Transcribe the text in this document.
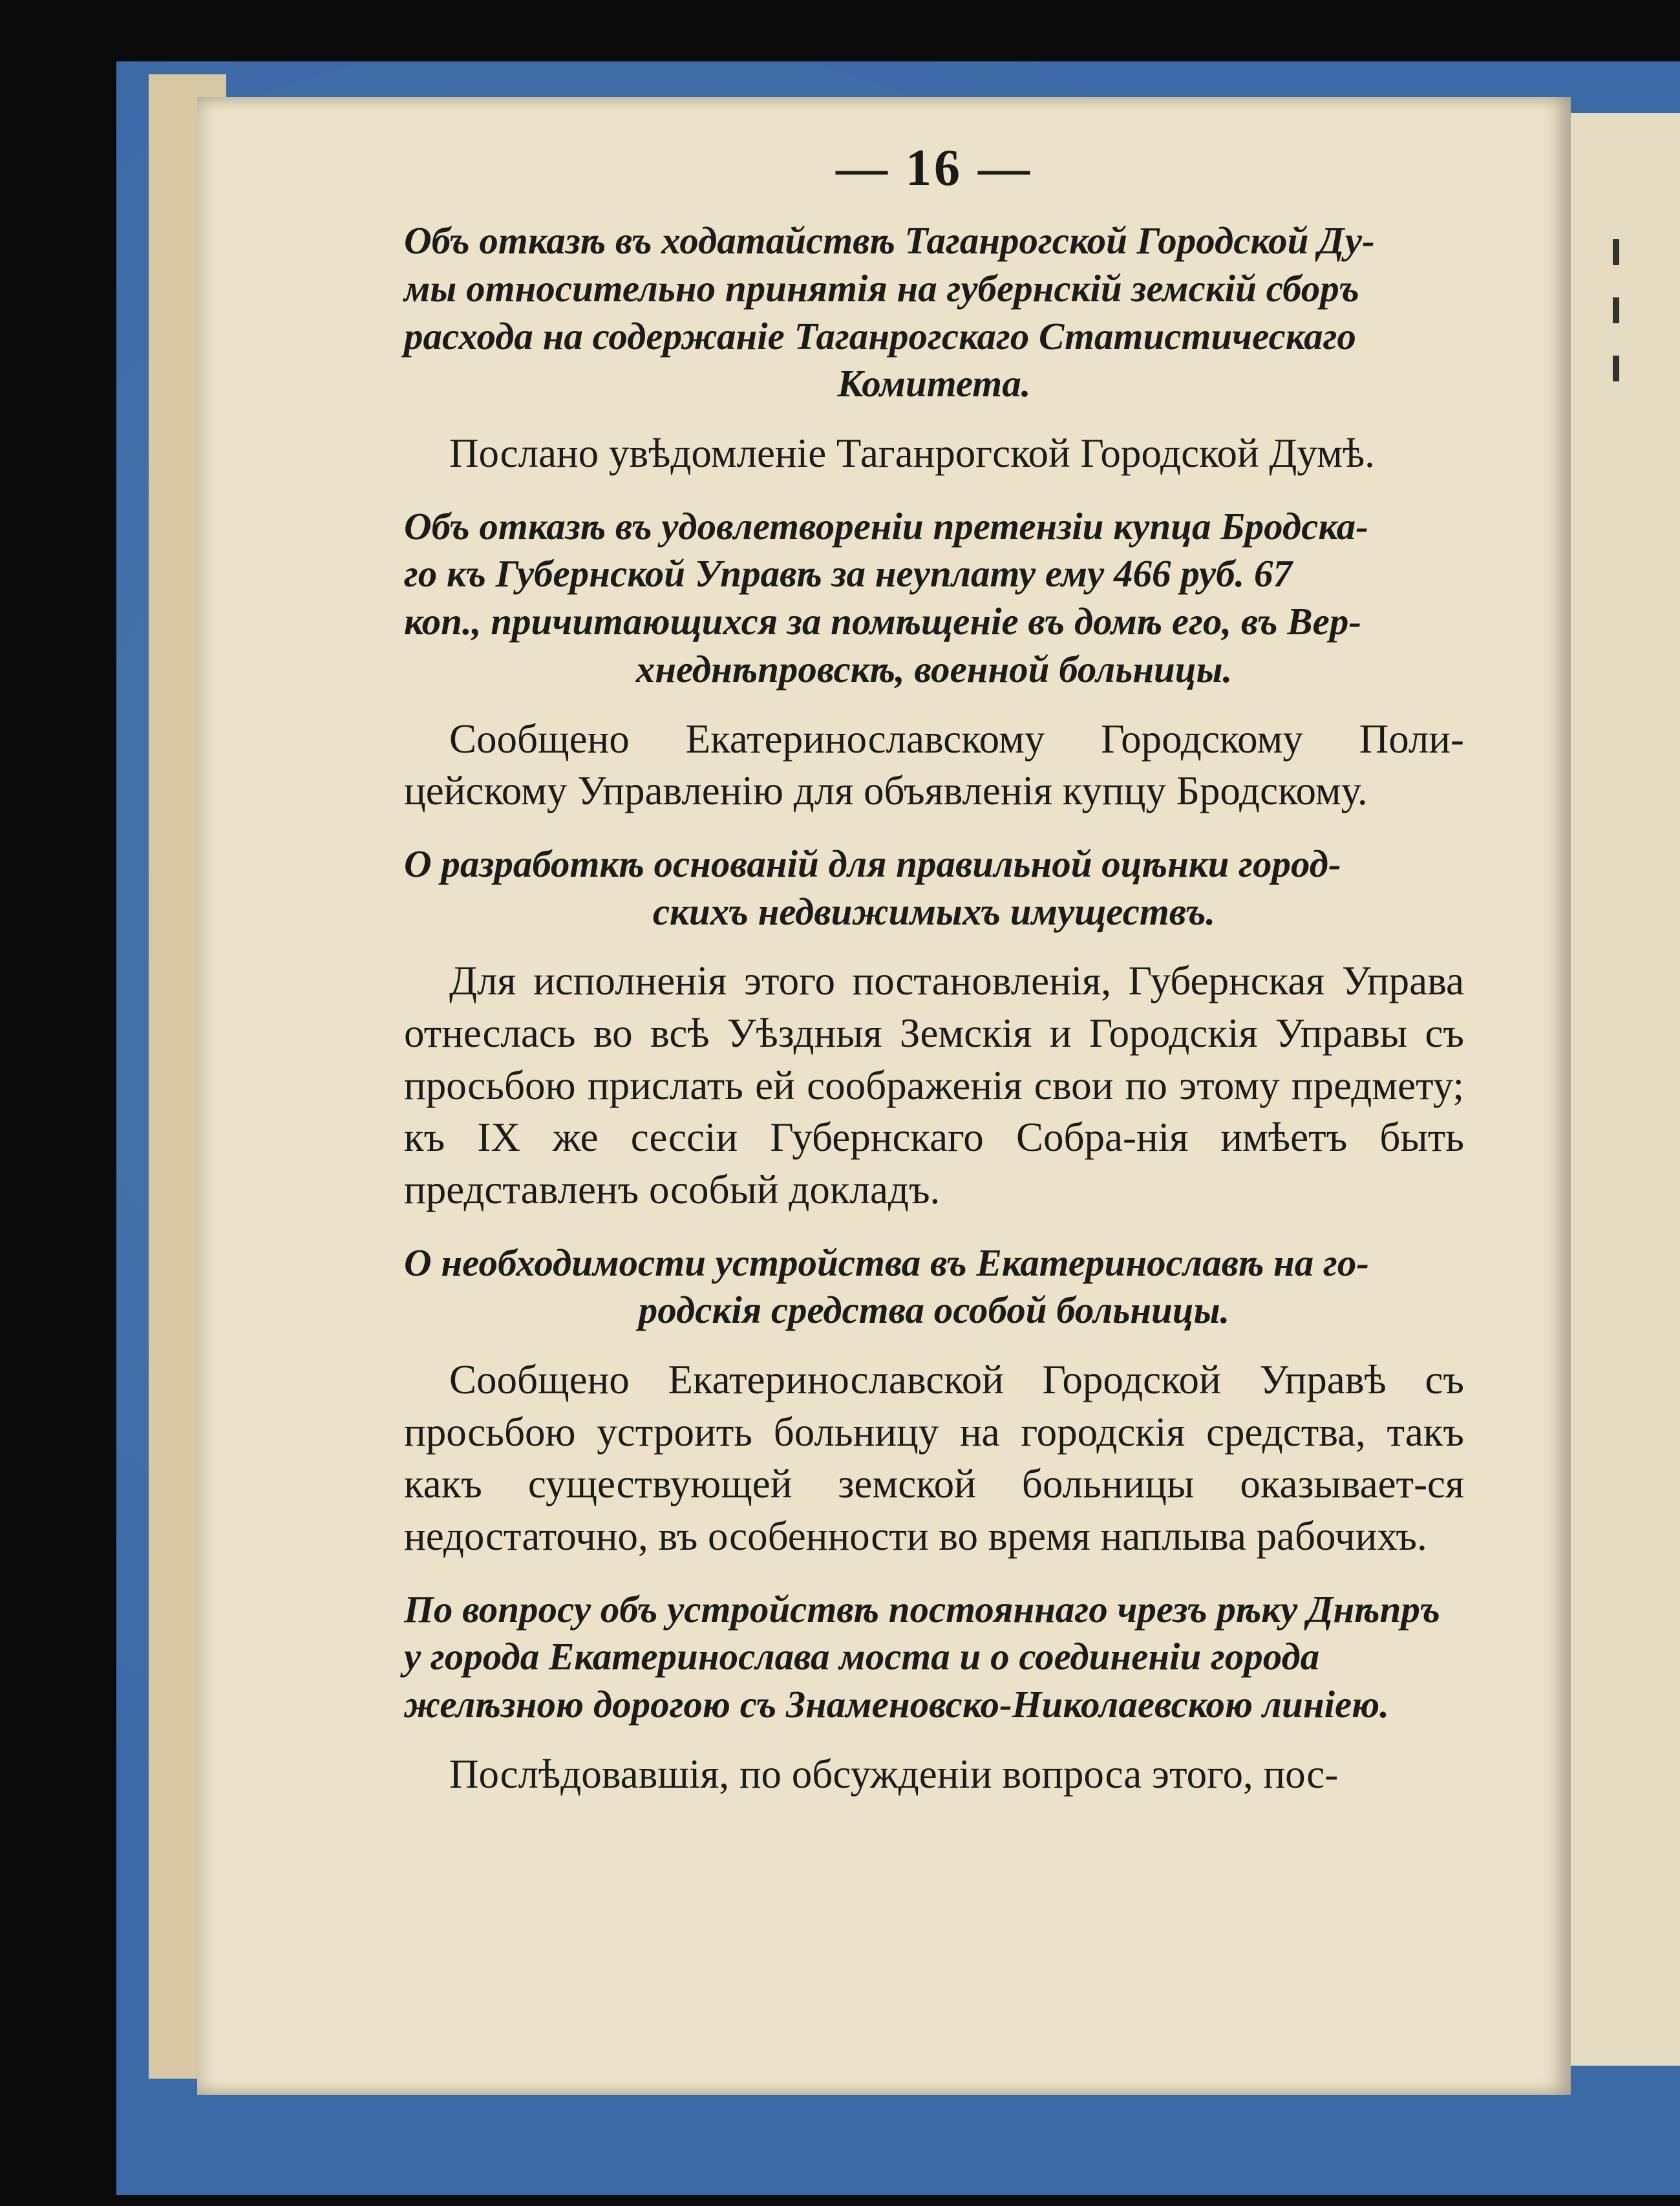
— 16 —
Объ отказѣ въ ходатайствѣ Таганрогской Городской Ду-
мы относительно принятія на губернскій земскій сборъ
расхода на содержаніе Таганрогскаго Статистическаго
Комитета.

Послано увѣдомленіе Таганрогской Городской Думѣ.

Объ отказѣ въ удовлетвореніи претензіи купца Бродска-
го къ Губернской Управѣ за неуплату ему 466 руб. 67
коп., причитающихся за помѣщеніе въ домѣ его, въ Вер-
хнеднѣпровскѣ, военной больницы.

Сообщено Екатеринославскому Городскому Поли-цейскому Управленію для объявленія купцу Бродскому.

О разработкѣ основаній для правильной оцѣнки город-
скихъ недвижимыхъ имуществъ.

Для исполненія этого постановленія, Губернская Управа отнеслась во всѣ Уѣздныя Земскія и Городскія Управы съ просьбою прислать ей соображенія свои по этому предмету; къ IX же сессіи Губернскаго Собра-нія имѣетъ быть представленъ особый докладъ.

О необходимости устройства въ Екатеринославѣ на го-
родскія средства особой больницы.

Сообщено Екатеринославской Городской Управѣ съ просьбою устроить больницу на городскія средства, такъ какъ существующей земской больницы оказывает-ся недостаточно, въ особенности во время наплыва рабочихъ.

По вопросу объ устройствѣ постояннаго чрезъ рѣку Днѣпръ
у города Екатеринослава моста и о соединеніи города
желѣзною дорогою съ Знаменовско-Николаевскою линіею.

Послѣдовавшія, по обсужденіи вопроса этого, пос-
